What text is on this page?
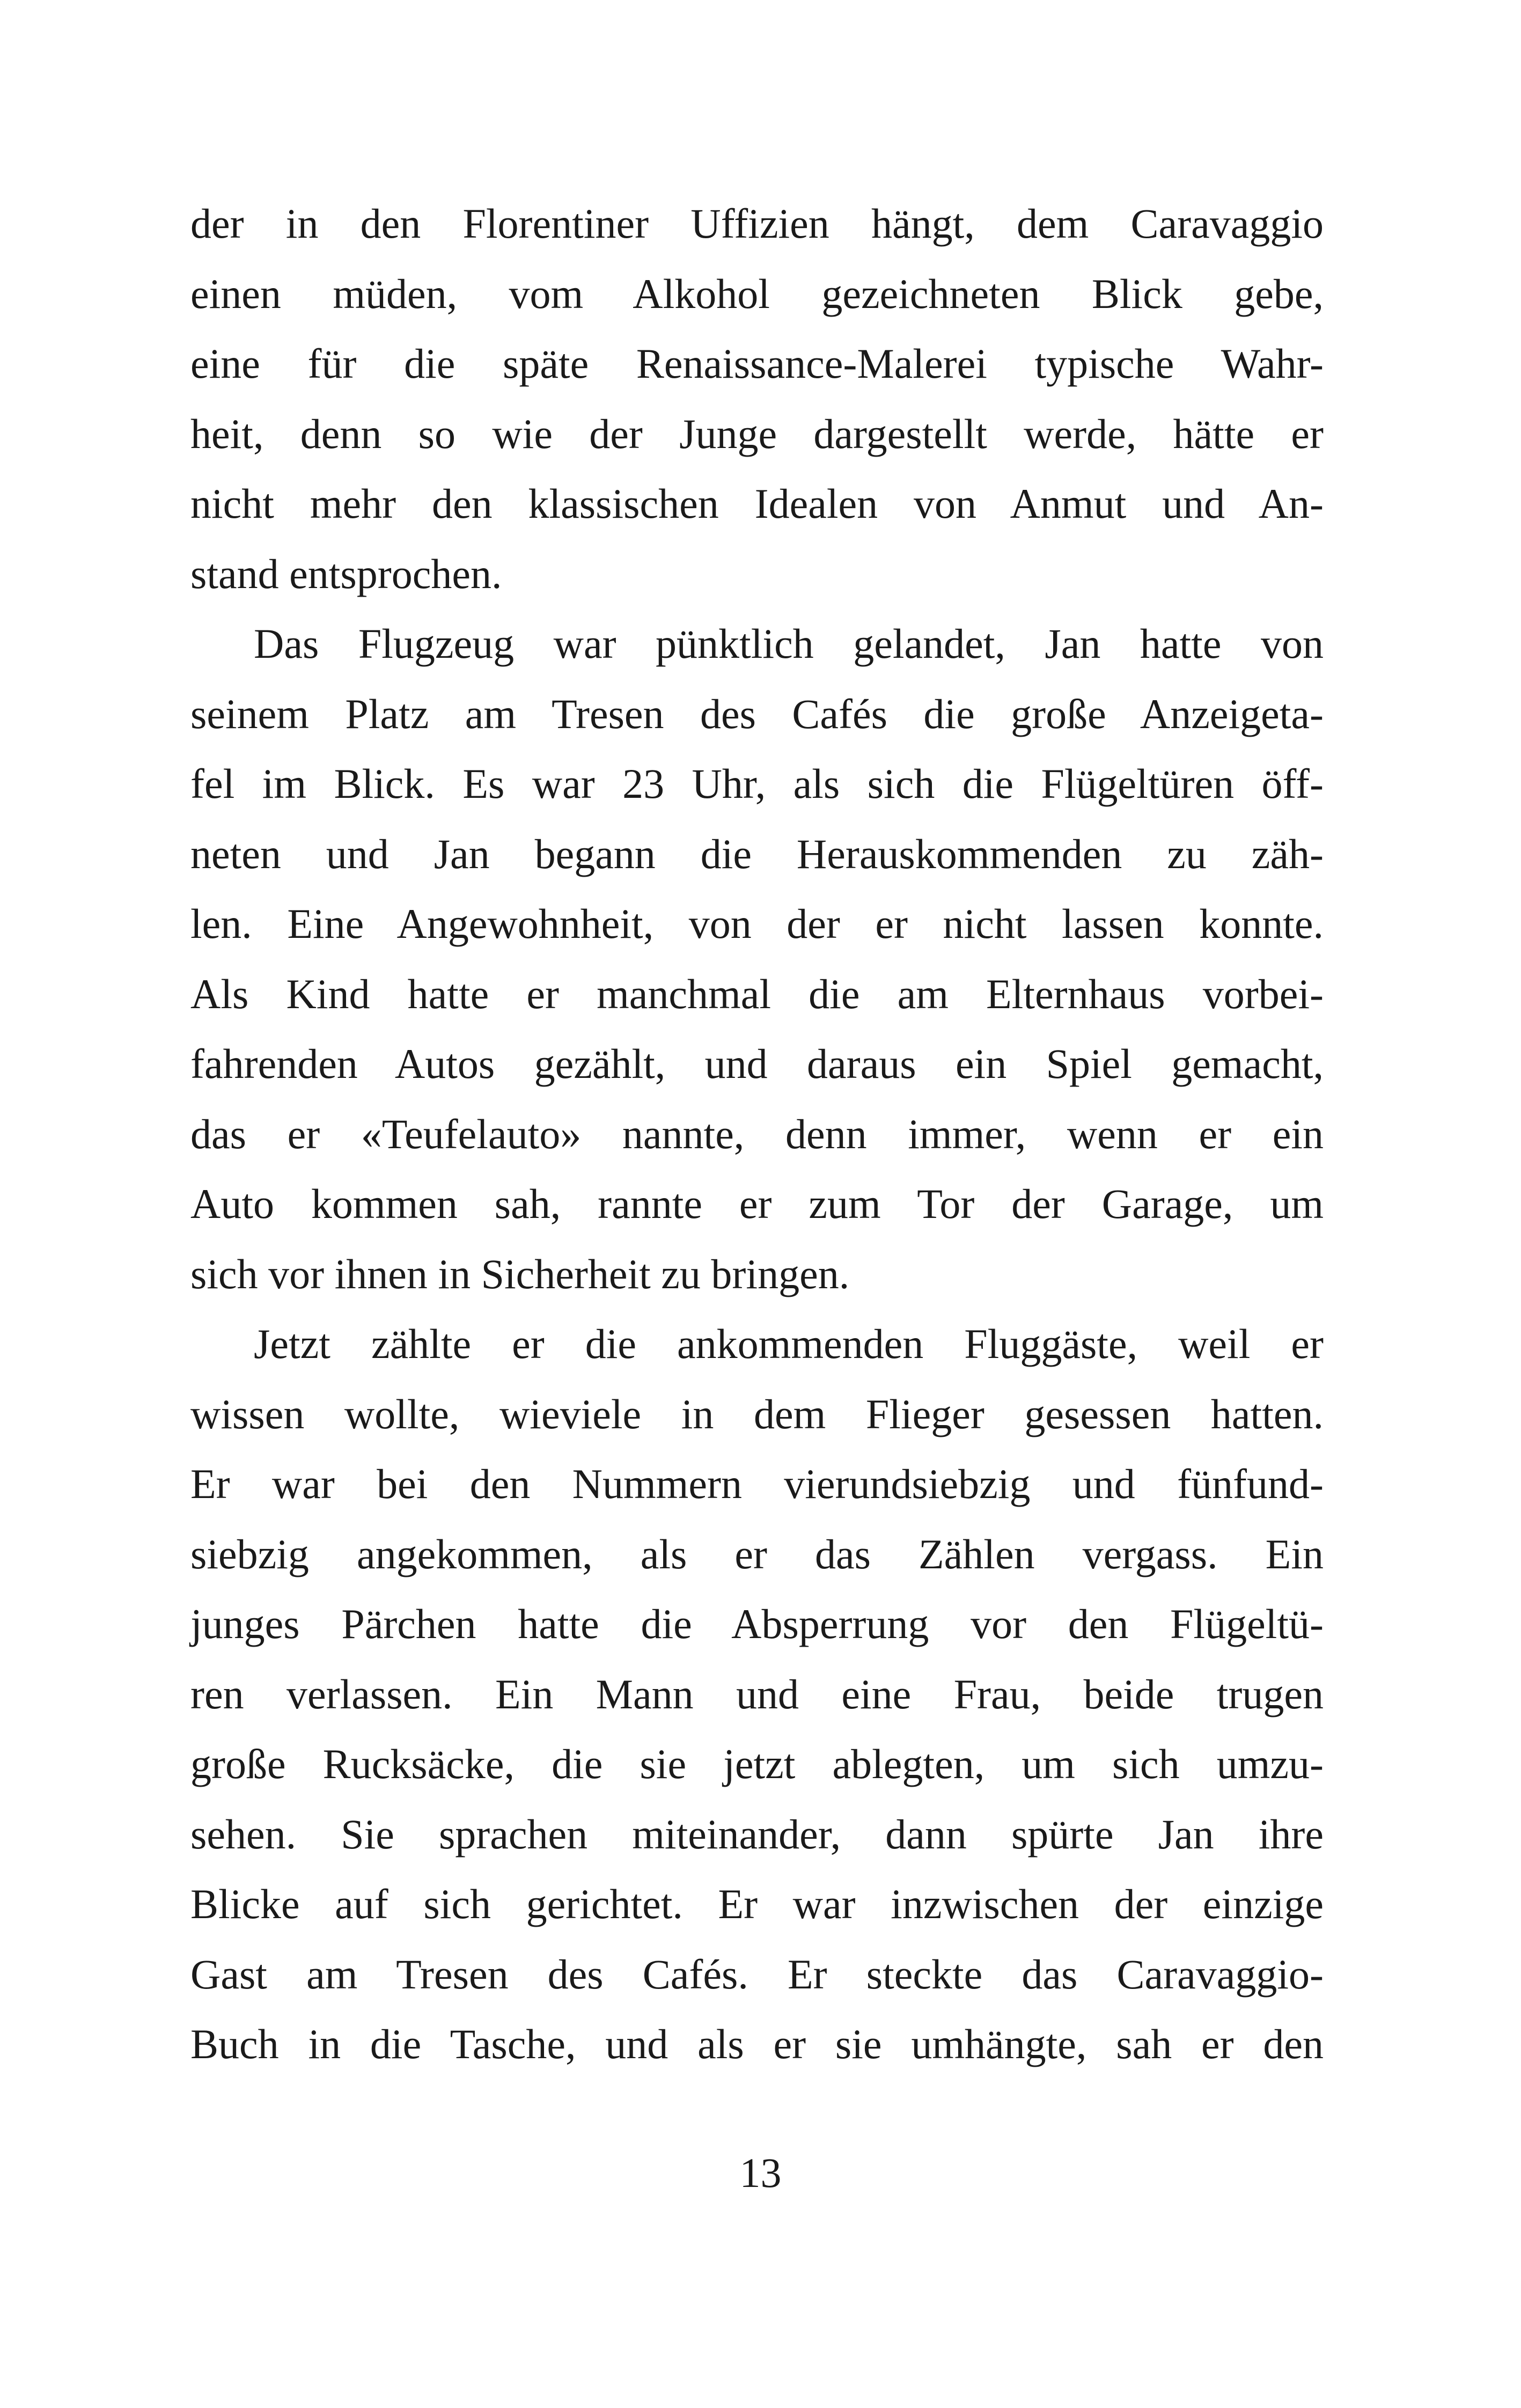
der in den Florentiner Uffizien hängt, dem Caravaggio
einen müden, vom Alkohol gezeichneten Blick gebe,
eine für die späte Renaissance-Malerei typische Wahr-
heit, denn so wie der Junge dargestellt werde, hätte er
nicht mehr den klassischen Idealen von Anmut und An-
stand entsprochen.
Das Flugzeug war pünktlich gelandet, Jan hatte von
seinem Platz am Tresen des Cafés die große Anzeigeta-
fel im Blick. Es war 23 Uhr, als sich die Flügeltüren öff-
neten und Jan begann die Herauskommenden zu zäh-
len. Eine Angewohnheit, von der er nicht lassen konnte.
Als Kind hatte er manchmal die am Elternhaus vorbei-
fahrenden Autos gezählt, und daraus ein Spiel gemacht,
das er «Teufelauto» nannte, denn immer, wenn er ein
Auto kommen sah, rannte er zum Tor der Garage, um
sich vor ihnen in Sicherheit zu bringen.
Jetzt zählte er die ankommenden Fluggäste, weil er
wissen wollte, wieviele in dem Flieger gesessen hatten.
Er war bei den Nummern vierundsiebzig und fünfund-
siebzig angekommen, als er das Zählen vergass. Ein
junges Pärchen hatte die Absperrung vor den Flügeltü-
ren verlassen. Ein Mann und eine Frau, beide trugen
große Rucksäcke, die sie jetzt ablegten, um sich umzu-
sehen. Sie sprachen miteinander, dann spürte Jan ihre
Blicke auf sich gerichtet. Er war inzwischen der einzige
Gast am Tresen des Cafés. Er steckte das Caravaggio-
Buch in die Tasche, und als er sie umhängte, sah er den
13
